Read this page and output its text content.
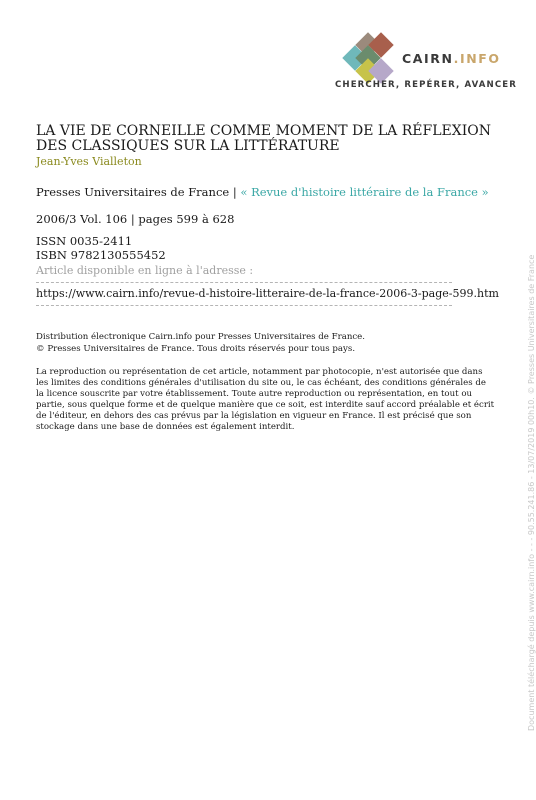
CAIRN.INFO
CHERCHER, REPÉRER, AVANCER
LA VIE DE CORNEILLE COMME MOMENT DE LA RÉFLEXION DES CLASSIQUES SUR LA LITTÉRATURE
Jean-Yves Vialleton
Presses Universitaires de France | « Revue d'histoire littéraire de la France »
2006/3 Vol. 106 | pages 599 à 628
ISSN 0035-2411
ISBN 9782130555452
Article disponible en ligne à l'adresse :
https://www.cairn.info/revue-d-histoire-litteraire-de-la-france-2006-3-page-599.htm
Distribution électronique Cairn.info pour Presses Universitaires de France.
© Presses Universitaires de France. Tous droits réservés pour tous pays.
La reproduction ou représentation de cet article, notamment par photocopie, n'est autorisée que dans les limites des conditions générales d'utilisation du site ou, le cas échéant, des conditions générales de la licence souscrite par votre établissement. Toute autre reproduction ou représentation, en tout ou partie, sous quelque forme et de quelque manière que ce soit, est interdite sauf accord préalable et écrit de l'éditeur, en dehors des cas prévus par la législation en vigueur en France. Il est précisé que son stockage dans une base de données est également interdit.	Document téléchargé depuis www.cairn.info - - - 90.55.241.86 - 13/07/2019 00h10. © Presses Universitaires de France
